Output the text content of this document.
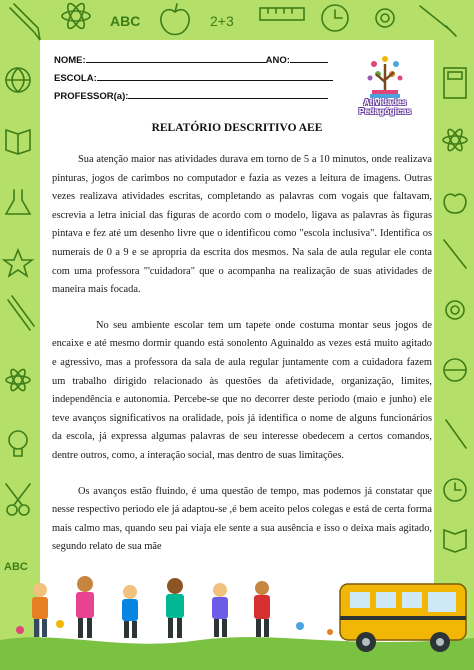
ABC	2+3
ABC
NOME:	ANO:
ESCOLA:
PROFESSOR(a):	Atividades
Pedagógicas
RELATÓRIO DESCRITIVO AEE

Sua atenção maior nas atividades durava em torno de 5 a 10 minutos, onde realizava pinturas, jogos de carimbos no computador e fazia as vezes a leitura de imagens. Outras vezes realizava atividades escritas, completando as palavras com vogais que faltavam, escrevia a letra inicial das figuras de acordo com o modelo, ligava as palavras às figuras pintava e fez até um desenho livre que o identificou como "escola inclusiva". Identifica os numerais de 0 a 9 e se apropria da escrita dos mesmos. Na sala de aula regular ele conta com uma professora "'cuidadora" que o acompanha na realização de suas atividades de maneira mais focada.

No seu ambiente escolar tem um tapete onde costuma montar seus jogos de encaixe e até mesmo dormir quando está sonolento Aguinaldo as vezes está muito agitado e agressivo, mas a professora da sala de aula regular juntamente com a cuidadora fazem um trabalho dirigido relacionado às questões da afetividade, organização, limites, independência e autonomia. Percebe-se que no decorrer deste periodo (maio e junho) ele teve avanços significativos na oralidade, pois já identifica o nome de alguns funcionários da escola, já expressa algumas palavras de seu interesse obedecem a certos comandos, dentre outros, como, a interação social, mas dentro de suas limitações.

Os avanços estão fluindo, é uma questão de tempo, mas podemos já constatar que nesse respectivo periodo ele já adaptou-se ,é bem aceito pelos colegas e está de certa forma mais calmo mas, quando seu pai viaja ele sente a sua ausência e isso o deixa mais agitado, segundo relato de sua mãe
